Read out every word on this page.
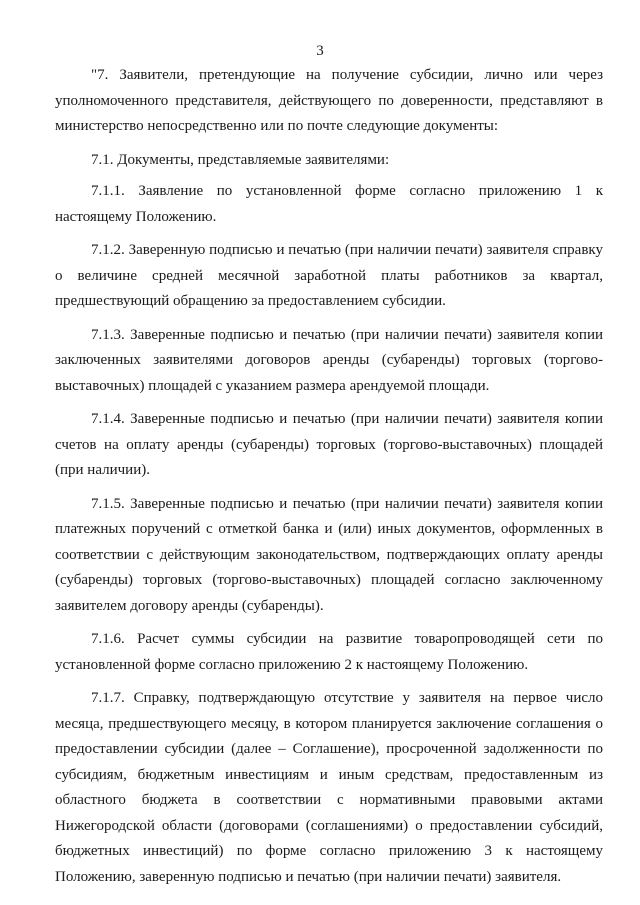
3

"7. Заявители, претендующие на получение субсидии, лично или через уполномоченного представителя, действующего по доверенности, представляют в министерство непосредственно или по почте следующие документы:

7.1. Документы, представляемые заявителями:

7.1.1. Заявление по установленной форме согласно приложению 1 к настоящему Положению.

7.1.2. Заверенную подписью и печатью (при наличии печати) заявителя справку о величине средней месячной заработной платы работников за квартал, предшествующий обращению за предоставлением субсидии.

7.1.3. Заверенные подписью и печатью (при наличии печати) заявителя копии заключенных заявителями договоров аренды (субаренды) торговых (торгово-выставочных) площадей с указанием размера арендуемой площади.

7.1.4. Заверенные подписью и печатью (при наличии печати) заявителя копии счетов на оплату аренды (субаренды) торговых (торгово-выставочных) площадей (при наличии).

7.1.5. Заверенные подписью и печатью (при наличии печати) заявителя копии платежных поручений с отметкой банка и (или) иных документов, оформленных в соответствии с действующим законодательством, подтверждающих оплату аренды (субаренды) торговых (торгово-выставочных) площадей согласно заключенному заявителем договору аренды (субаренды).

7.1.6. Расчет суммы субсидии на развитие товаропроводящей сети по установленной форме согласно приложению 2 к настоящему Положению.

7.1.7. Справку, подтверждающую отсутствие у заявителя на первое число месяца, предшествующего месяцу, в котором планируется заключение соглашения о предоставлении субсидии (далее – Соглашение), просроченной задолженности по субсидиям, бюджетным инвестициям и иным средствам, предоставленным из областного бюджета в соответствии с нормативными правовыми актами Нижегородской области (договорами (соглашениями) о предоставлении субсидий, бюджетных инвестиций) по форме согласно приложению 3 к настоящему Положению, заверенную подписью и печатью (при наличии печати) заявителя.
